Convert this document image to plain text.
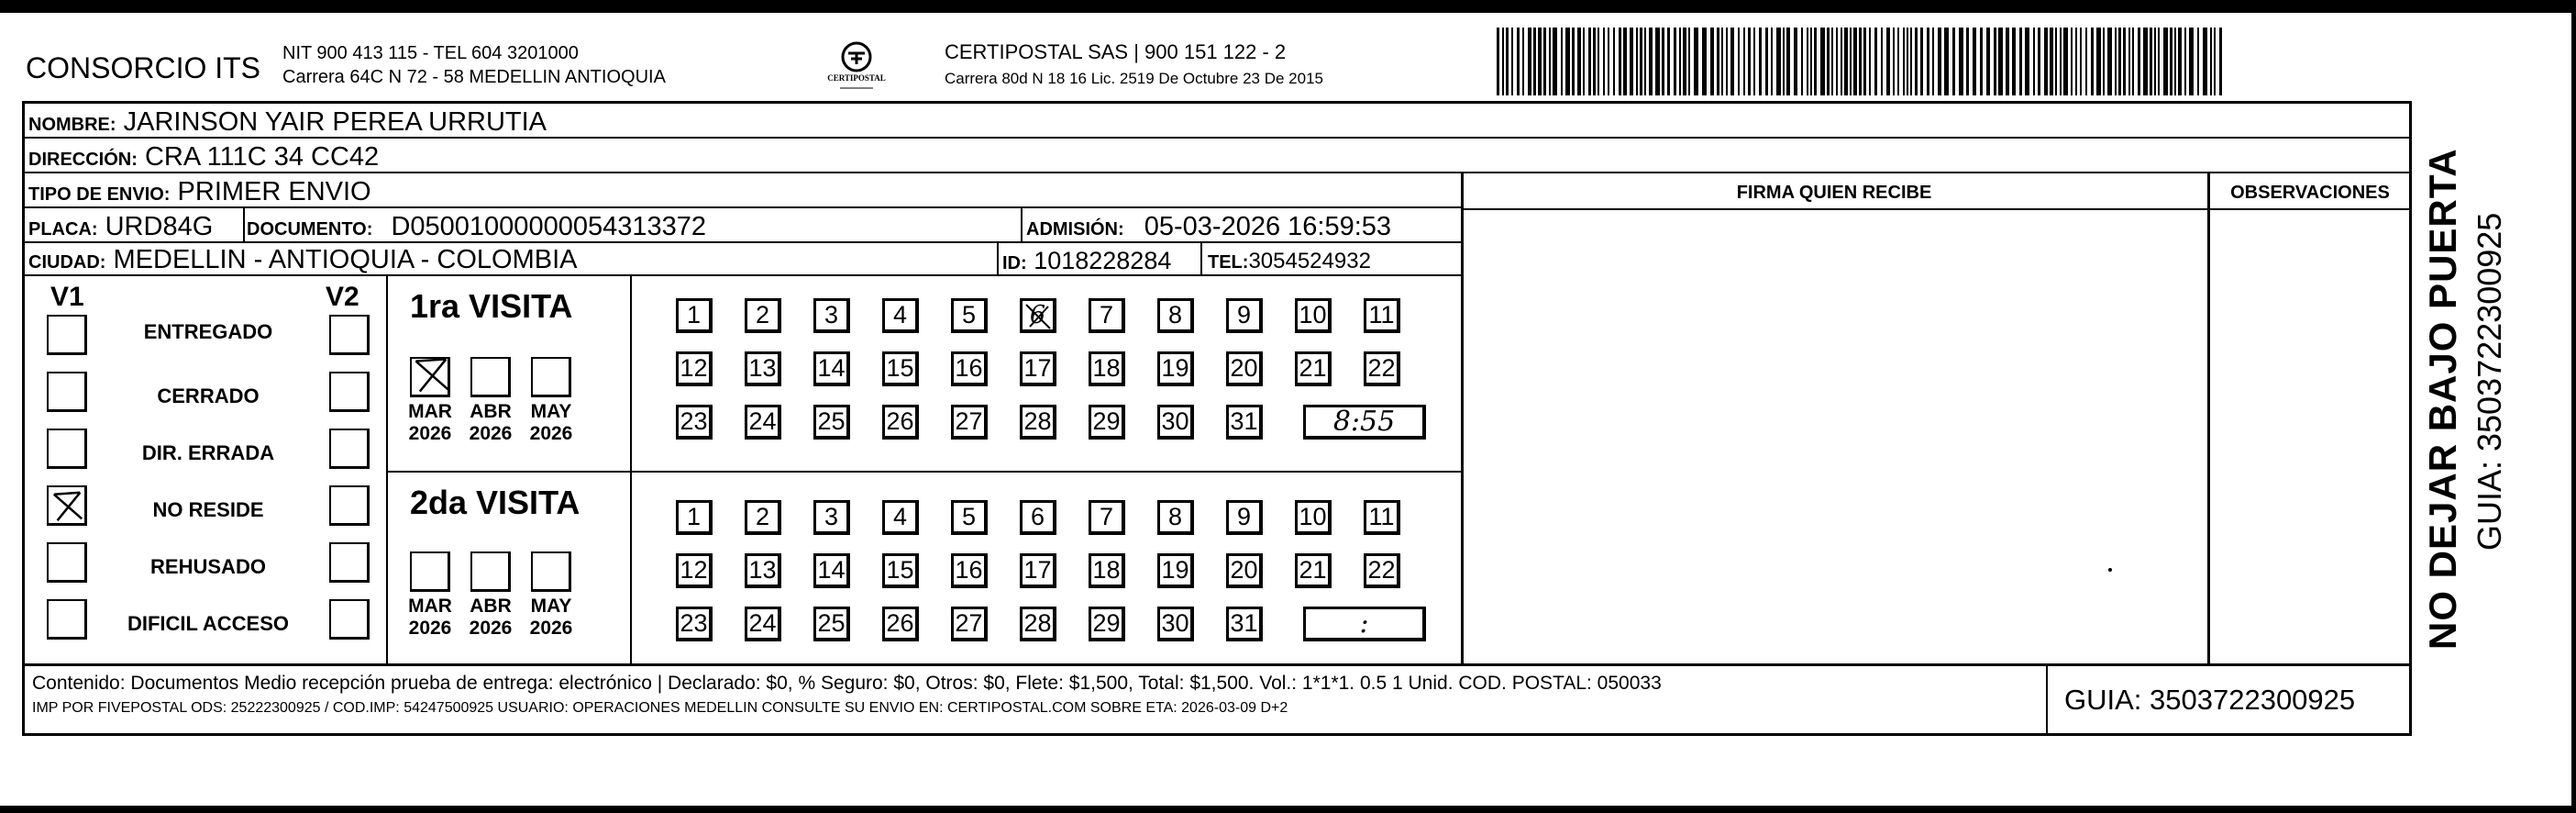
CONSORCIO ITS NIT 900 413 115 - TEL 604 3201000
Carrera 64C N 72 - 58 MEDELLIN ANTIOQUIA	CERTIPOSTAL
CERTIPOSTAL SAS | 900 151 122 - 2
Carrera 80d N 18 16 Lic. 2519 De Octubre 23 De 2015
NOMBRE: JARINSON YAIR PEREA URRUTIA
DIRECCIÓN: CRA 111C 34 CC42
TIPO DE ENVIO: PRIMER ENVIO
PLACA: URD84G	DOCUMENTO: D05001000000054313372	ADMISIÓN: 05-03-2026 16:59:53
CIUDAD: MEDELLIN - ANTIOQUIA - COLOMBIA	ID: 1018228284 TEL:3054524932
FIRMA QUIEN RECIBE	OBSERVACIONES
V1	V2 1ra VISITA
2da VISITA
Contenido: Documentos Medio recepción prueba de entrega: electrónico | Declarado: $0, % Seguro: $0, Otros: $0, Flete: $1,500, Total: $1,500. Vol.: 1*1*1. 0.5 1 Unid. COD. POSTAL: 050033
IMP POR FIVEPOSTAL ODS: 25222300925 / COD.IMP: 54247500925 USUARIO: OPERACIONES MEDELLIN CONSULTE SU ENVIO EN: CERTIPOSTAL.COM SOBRE ETA: 2026-03-09 D+2	GUIA: 3503722300925
ENTREGADO
CERRADO
DIR. ERRADA
NO RESIDE
REHUSADO
DIFICIL ACCESO
MAR
2026
ABR
2026
MAY
2026
MAR
2026
ABR
2026
MAY
2026
1	2	3	4	5	6	7	8	9	10 11
12 13 14 15 16 17 18 19 20 21 22
23 24 25 26 27 28 29 30 31	8:55
1	2	3	4	5	6	7	8	9	10 11
12 13 14 15 16 17 18 19 20 21 22
23 24 25 26 27 28 29 30 31	:	NO DEJAR BAJO PUERTA GUIA: 3503722300925
